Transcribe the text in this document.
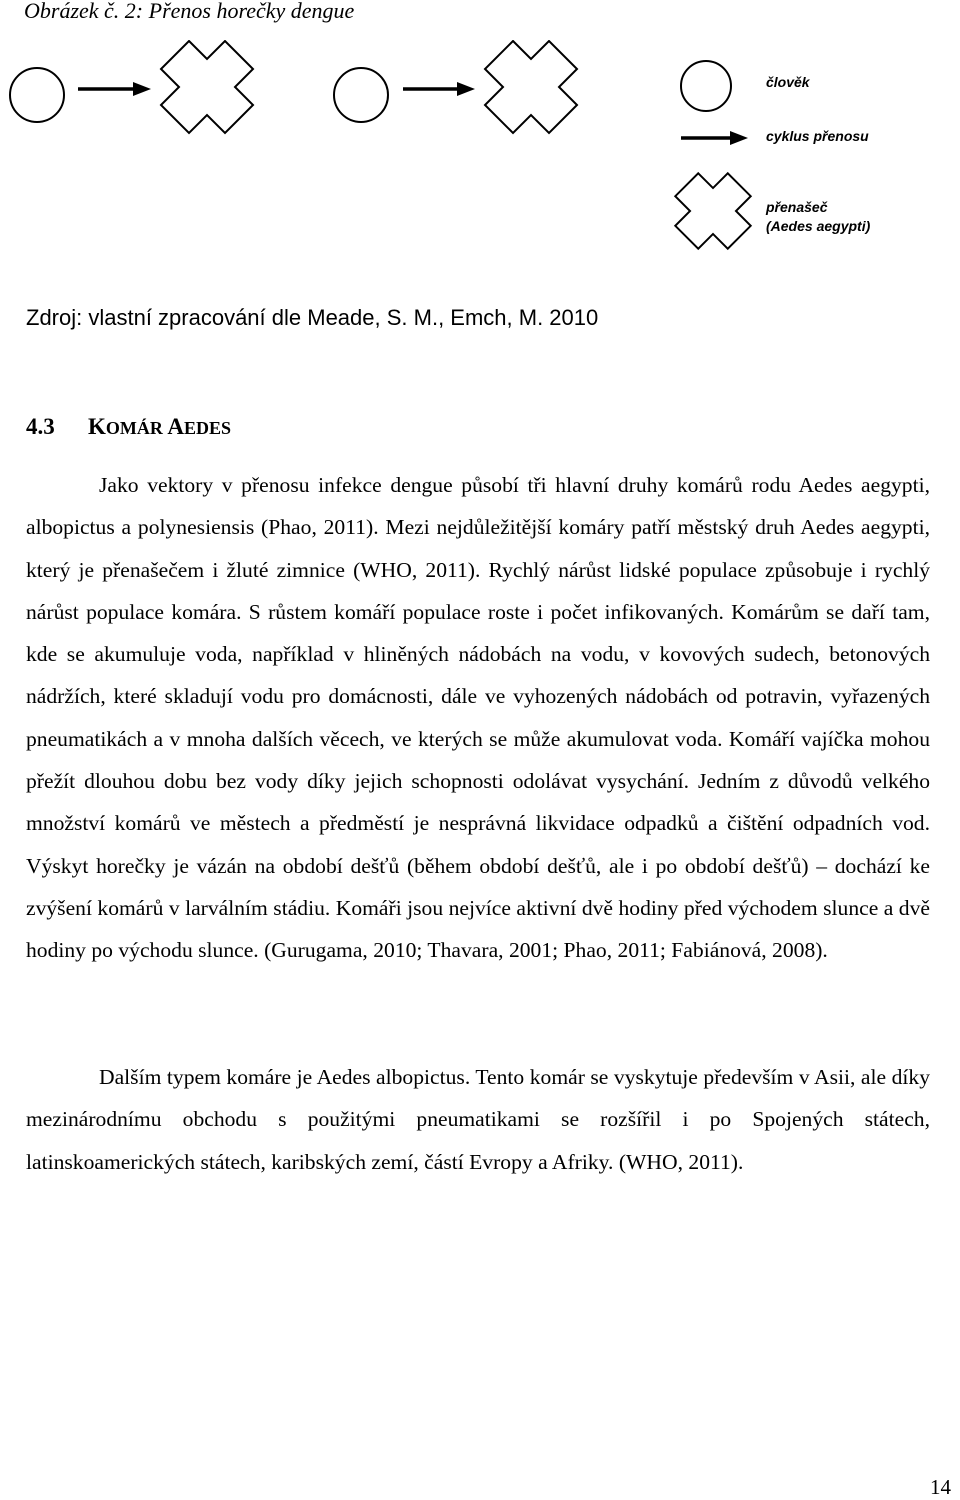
Obrázek č. 2: Přenos horečky dengue
člověk
cyklus přenosu
přenašeč
(Aedes aegypti)
Zdroj: vlastní zpracování dle Meade, S. M., Emch, M. 2010
4.3 KOMÁR AEDES

Jako vektory v přenosu infekce dengue působí tři hlavní druhy komárů rodu Aedes aegypti, albopictus a polynesiensis (Phao, 2011). Mezi nejdůležitější komáry patří městský druh Aedes aegypti, který je přenašečem i žluté zimnice (WHO, 2011). Rychlý nárůst lidské populace způsobuje i rychlý nárůst populace komára. S růstem komáří populace roste i počet infikovaných. Komárům se daří tam, kde se akumuluje voda, například v hliněných nádobách na vodu, v kovových sudech, betonových nádržích, které skladují vodu pro domácnosti, dále ve vyhozených nádobách od potravin, vyřazených pneumatikách a v mnoha dalších věcech, ve kterých se může akumulovat voda. Komáří vajíčka mohou přežít dlouhou dobu bez vody díky jejich schopnosti odolávat vysychání. Jedním z důvodů velkého množství komárů ve městech a předměstí je nesprávná likvidace odpadků a čištění odpadních vod. Výskyt horečky je vázán na období dešťů (během období dešťů, ale i po období dešťů) – dochází ke zvýšení komárů v larválním stádiu. Komáři jsou nejvíce aktivní dvě hodiny před východem slunce a dvě hodiny po východu slunce. (Gurugama, 2010; Thavara, 2001; Phao, 2011; Fabiánová, 2008).

Dalším typem komáre je Aedes albopictus. Tento komár se vyskytuje především v Asii, ale díky mezinárodnímu obchodu s použitými pneumatikami se rozšířil i po Spojených státech, latinskoamerických státech, karibských zemí, částí Evropy a Afriky. (WHO, 2011).

14
